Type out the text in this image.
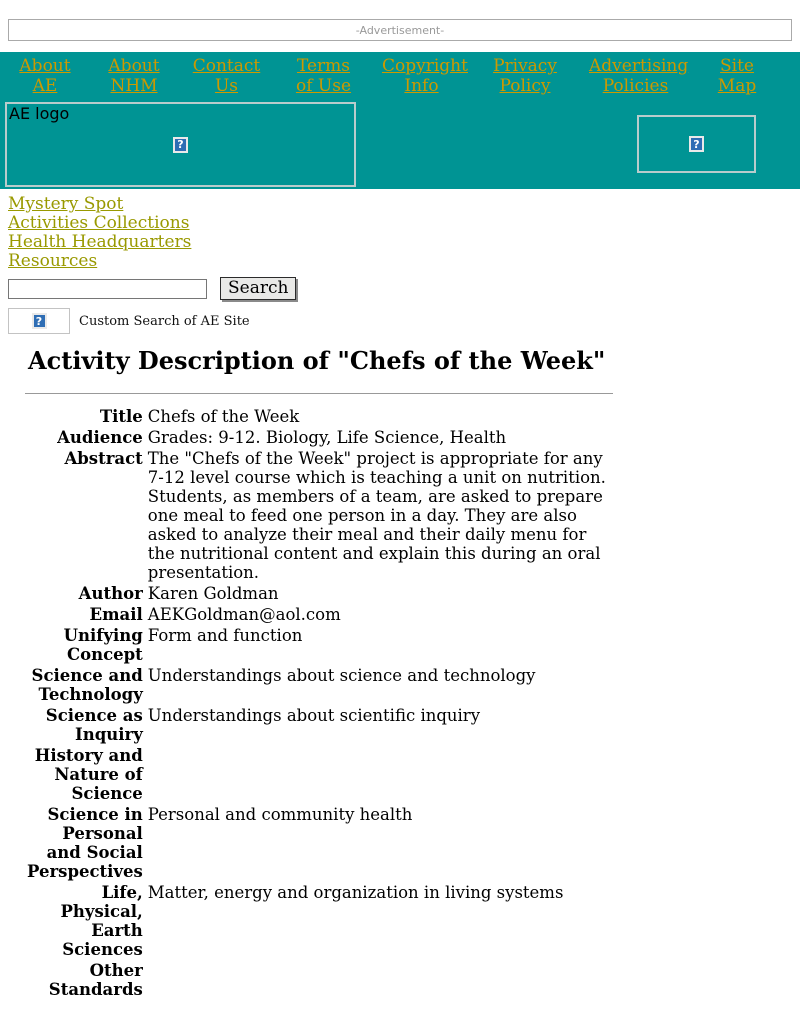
-Advertisement-
About AE
About NHM
Contact Us
Terms of Use
Copyright Info
Privacy Policy
Advertising Policies
Site Map
AE logo
?	?
Mystery Spot
Activities Collections
Health Headquarters
Resources
Search
?	Custom Search of AE Site
Activity Description of "Chefs of the Week"
Title	Chefs of the Week
Audience	Grades: 9-12. Biology, Life Science, Health
Abstract	The "Chefs of the Week" project is appropriate for any 7-12 level course which is teaching a unit on nutrition. Students, as members of a team, are asked to prepare one meal to feed one person in a day. They are also asked to analyze their meal and their daily menu for the nutritional content and explain this during an oral presentation.
Author	Karen Goldman
Email	AEKGoldman@aol.com
Unifying Concept	Form and function
Science and Technology	Understandings about science and technology
Science as Inquiry	Understandings about scientific inquiry
History and Nature of Science	
Science in Personal and Social Perspectives	Personal and community health
Life, Physical, Earth Sciences	Matter, energy and organization in living systems
Other Standards	
